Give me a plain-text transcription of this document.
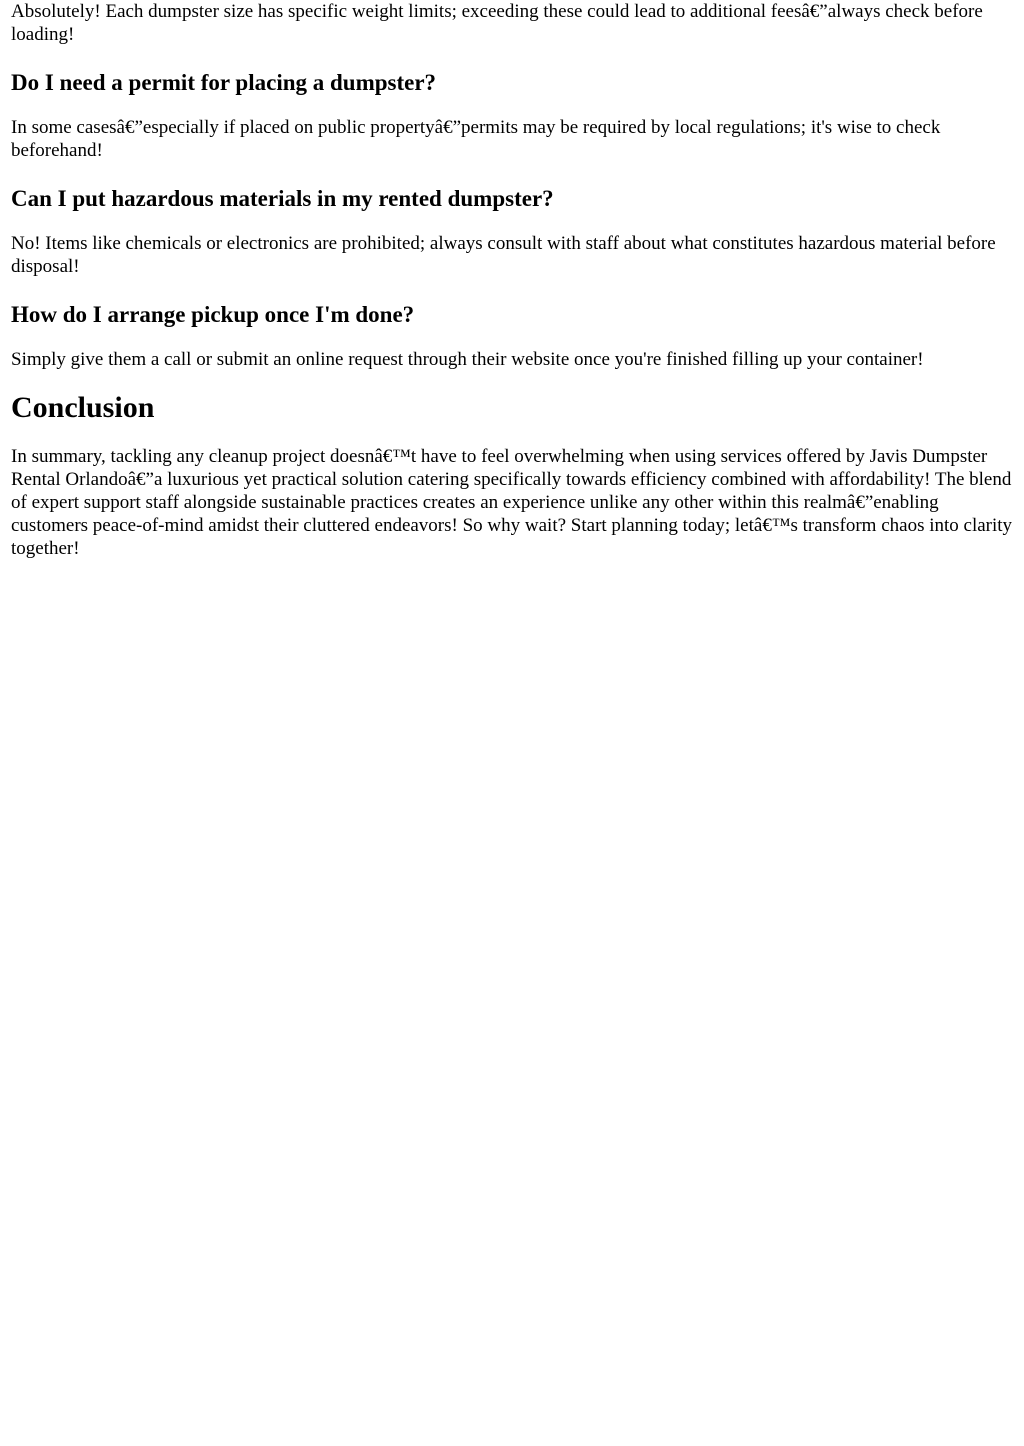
Absolutely! Each dumpster size has specific weight limits; exceeding these could lead to additional feesâ€”always check before loading!

Do I need a permit for placing a dumpster?

In some casesâ€”especially if placed on public propertyâ€”permits may be required by local regulations; it's wise to check beforehand!

Can I put hazardous materials in my rented dumpster?

No! Items like chemicals or electronics are prohibited; always consult with staff about what constitutes hazardous material before disposal!

How do I arrange pickup once I'm done?

Simply give them a call or submit an online request through their website once you're finished filling up your container!

Conclusion

In summary, tackling any cleanup project doesnâ€™t have to feel overwhelming when using services offered by Javis Dumpster Rental Orlandoâ€”a luxurious yet practical solution catering specifically towards efficiency combined with affordability! The blend of expert support staff alongside sustainable practices creates an experience unlike any other within this realmâ€”enabling customers peace-of-mind amidst their cluttered endeavors! So why wait? Start planning today; letâ€™s transform chaos into clarity together!
